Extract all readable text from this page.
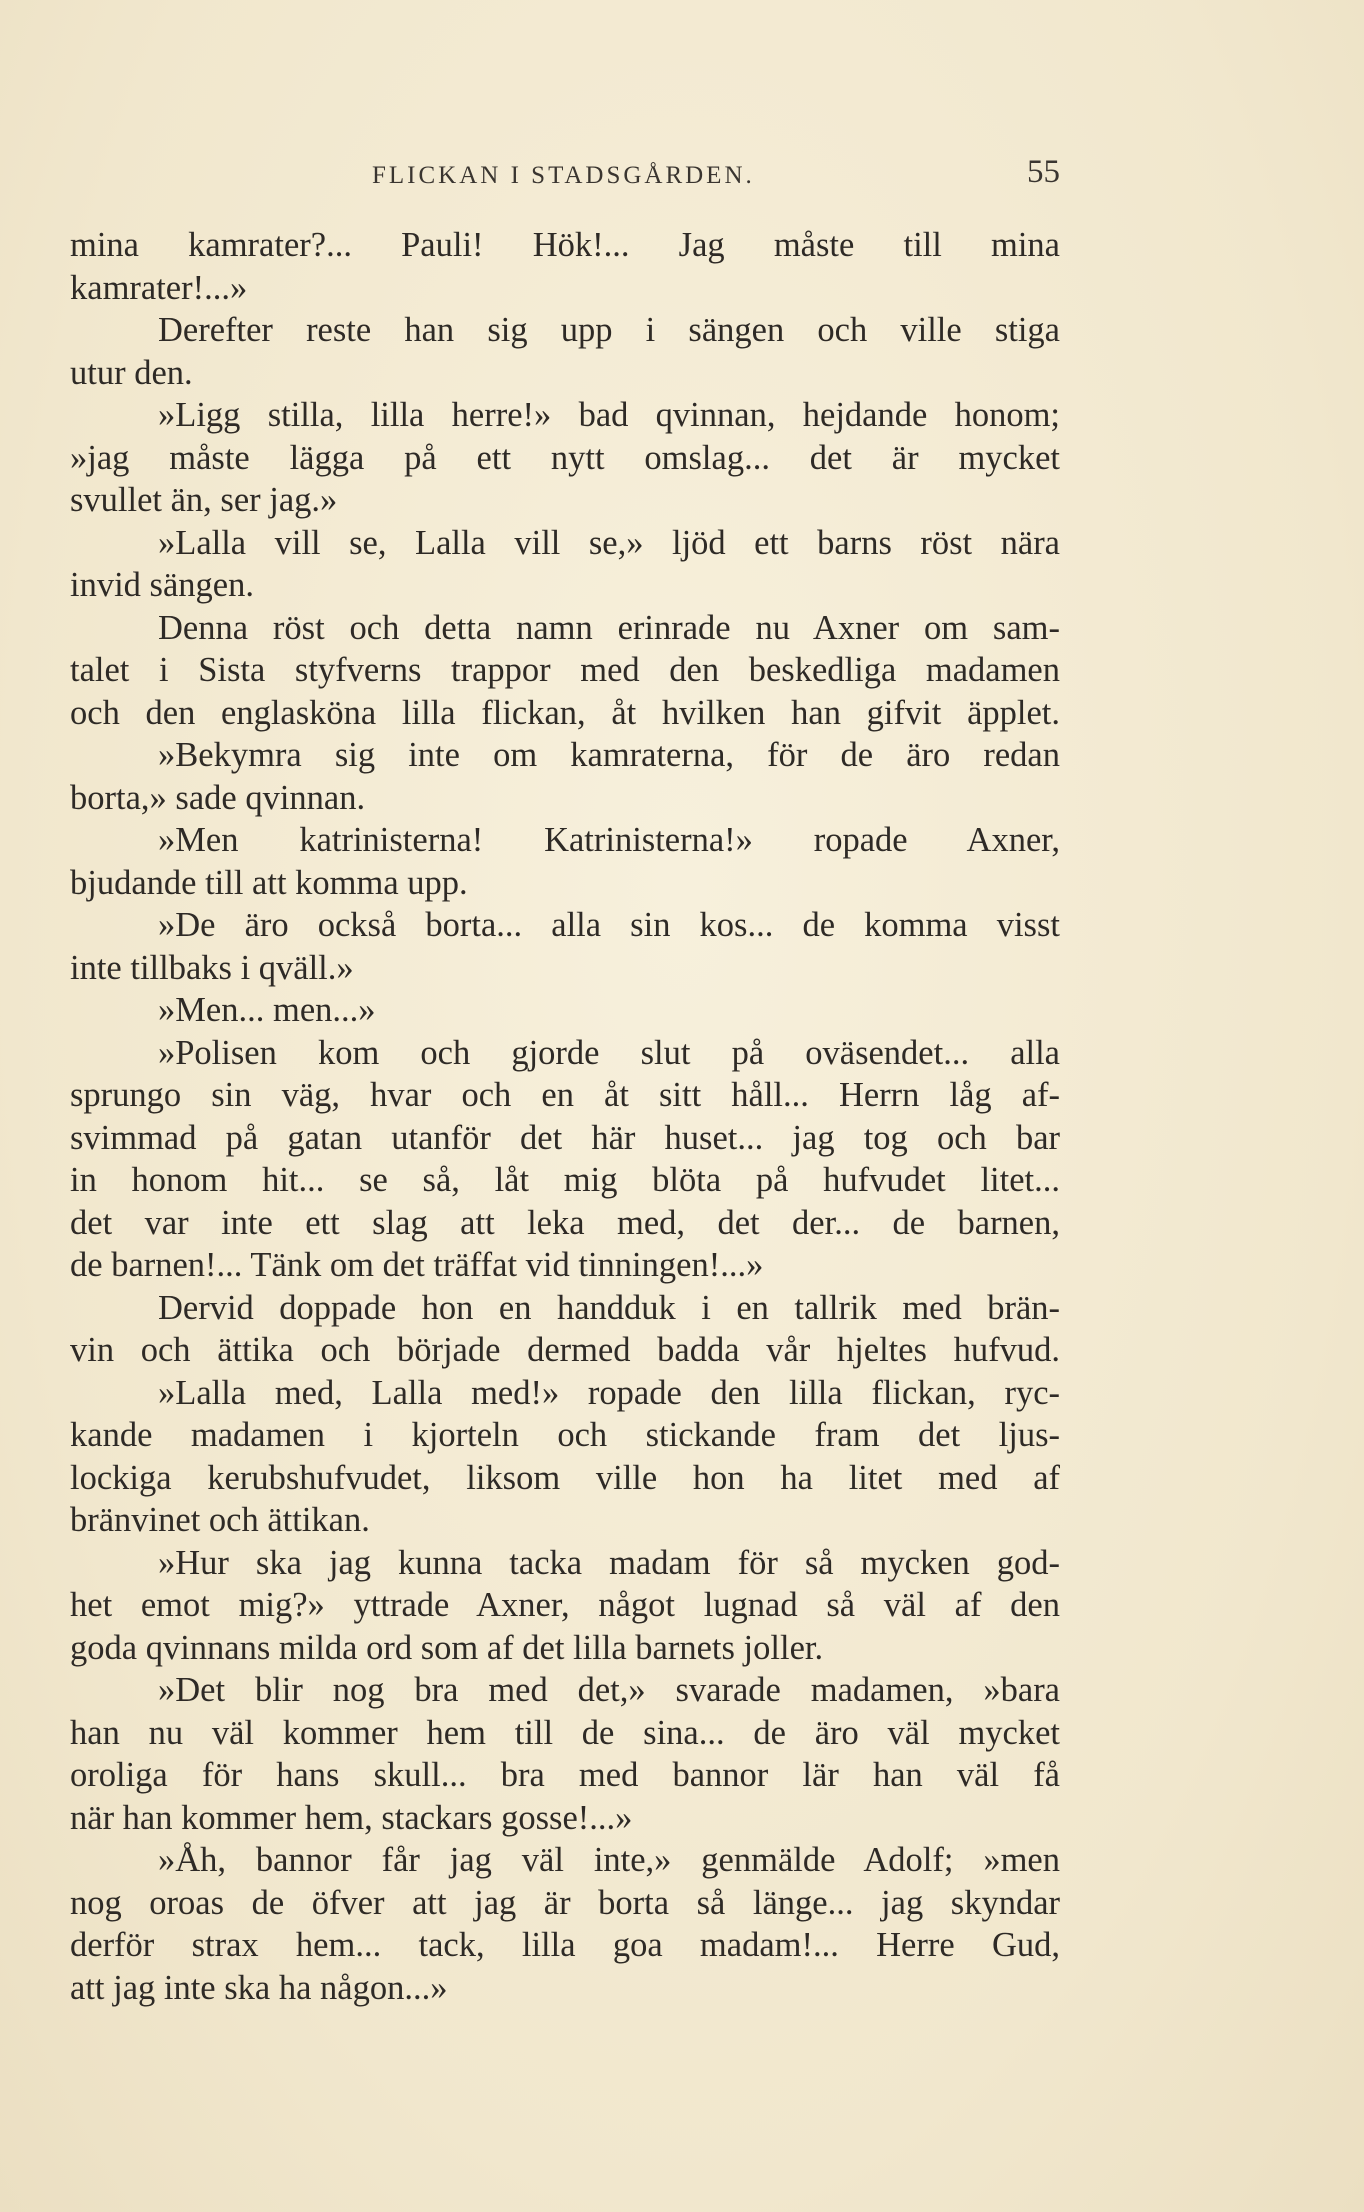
FLICKAN I STADSGÅRDEN.	55
mina kamrater?... Pauli! Hök!... Jag måste till mina
kamrater!...»
Derefter reste han sig upp i sängen och ville stiga
utur den.
»Ligg stilla, lilla herre!» bad qvinnan, hejdande honom;
»jag måste lägga på ett nytt omslag... det är mycket
svullet än, ser jag.»
»Lalla vill se, Lalla vill se,» ljöd ett barns röst nära
invid sängen.
Denna röst och detta namn erinrade nu Axner om sam-
talet i Sista styfverns trappor med den beskedliga madamen
och den englasköna lilla flickan, åt hvilken han gifvit äpplet.
»Bekymra sig inte om kamraterna, för de äro redan
borta,» sade qvinnan.
»Men katrinisterna! Katrinisterna!» ropade Axner,
bjudande till att komma upp.
»De äro också borta... alla sin kos... de komma visst
inte tillbaks i qväll.»
»Men... men...»
»Polisen kom och gjorde slut på oväsendet... alla
sprungo sin väg, hvar och en åt sitt håll... Herrn låg af-
svimmad på gatan utanför det här huset... jag tog och bar
in honom hit... se så, låt mig blöta på hufvudet litet...
det var inte ett slag att leka med, det der... de barnen,
de barnen!... Tänk om det träffat vid tinningen!...»
Dervid doppade hon en handduk i en tallrik med brän-
vin och ättika och började dermed badda vår hjeltes hufvud.
»Lalla med, Lalla med!» ropade den lilla flickan, ryc-
kande madamen i kjorteln och stickande fram det ljus-
lockiga kerubshufvudet, liksom ville hon ha litet med af
bränvinet och ättikan.
»Hur ska jag kunna tacka madam för så mycken god-
het emot mig?» yttrade Axner, något lugnad så väl af den
goda qvinnans milda ord som af det lilla barnets joller.
»Det blir nog bra med det,» svarade madamen, »bara
han nu väl kommer hem till de sina... de äro väl mycket
oroliga för hans skull... bra med bannor lär han väl få
när han kommer hem, stackars gosse!...»
»Åh, bannor får jag väl inte,» genmälde Adolf; »men
nog oroas de öfver att jag är borta så länge... jag skyndar
derför strax hem... tack, lilla goa madam!... Herre Gud,
att jag inte ska ha någon...»
